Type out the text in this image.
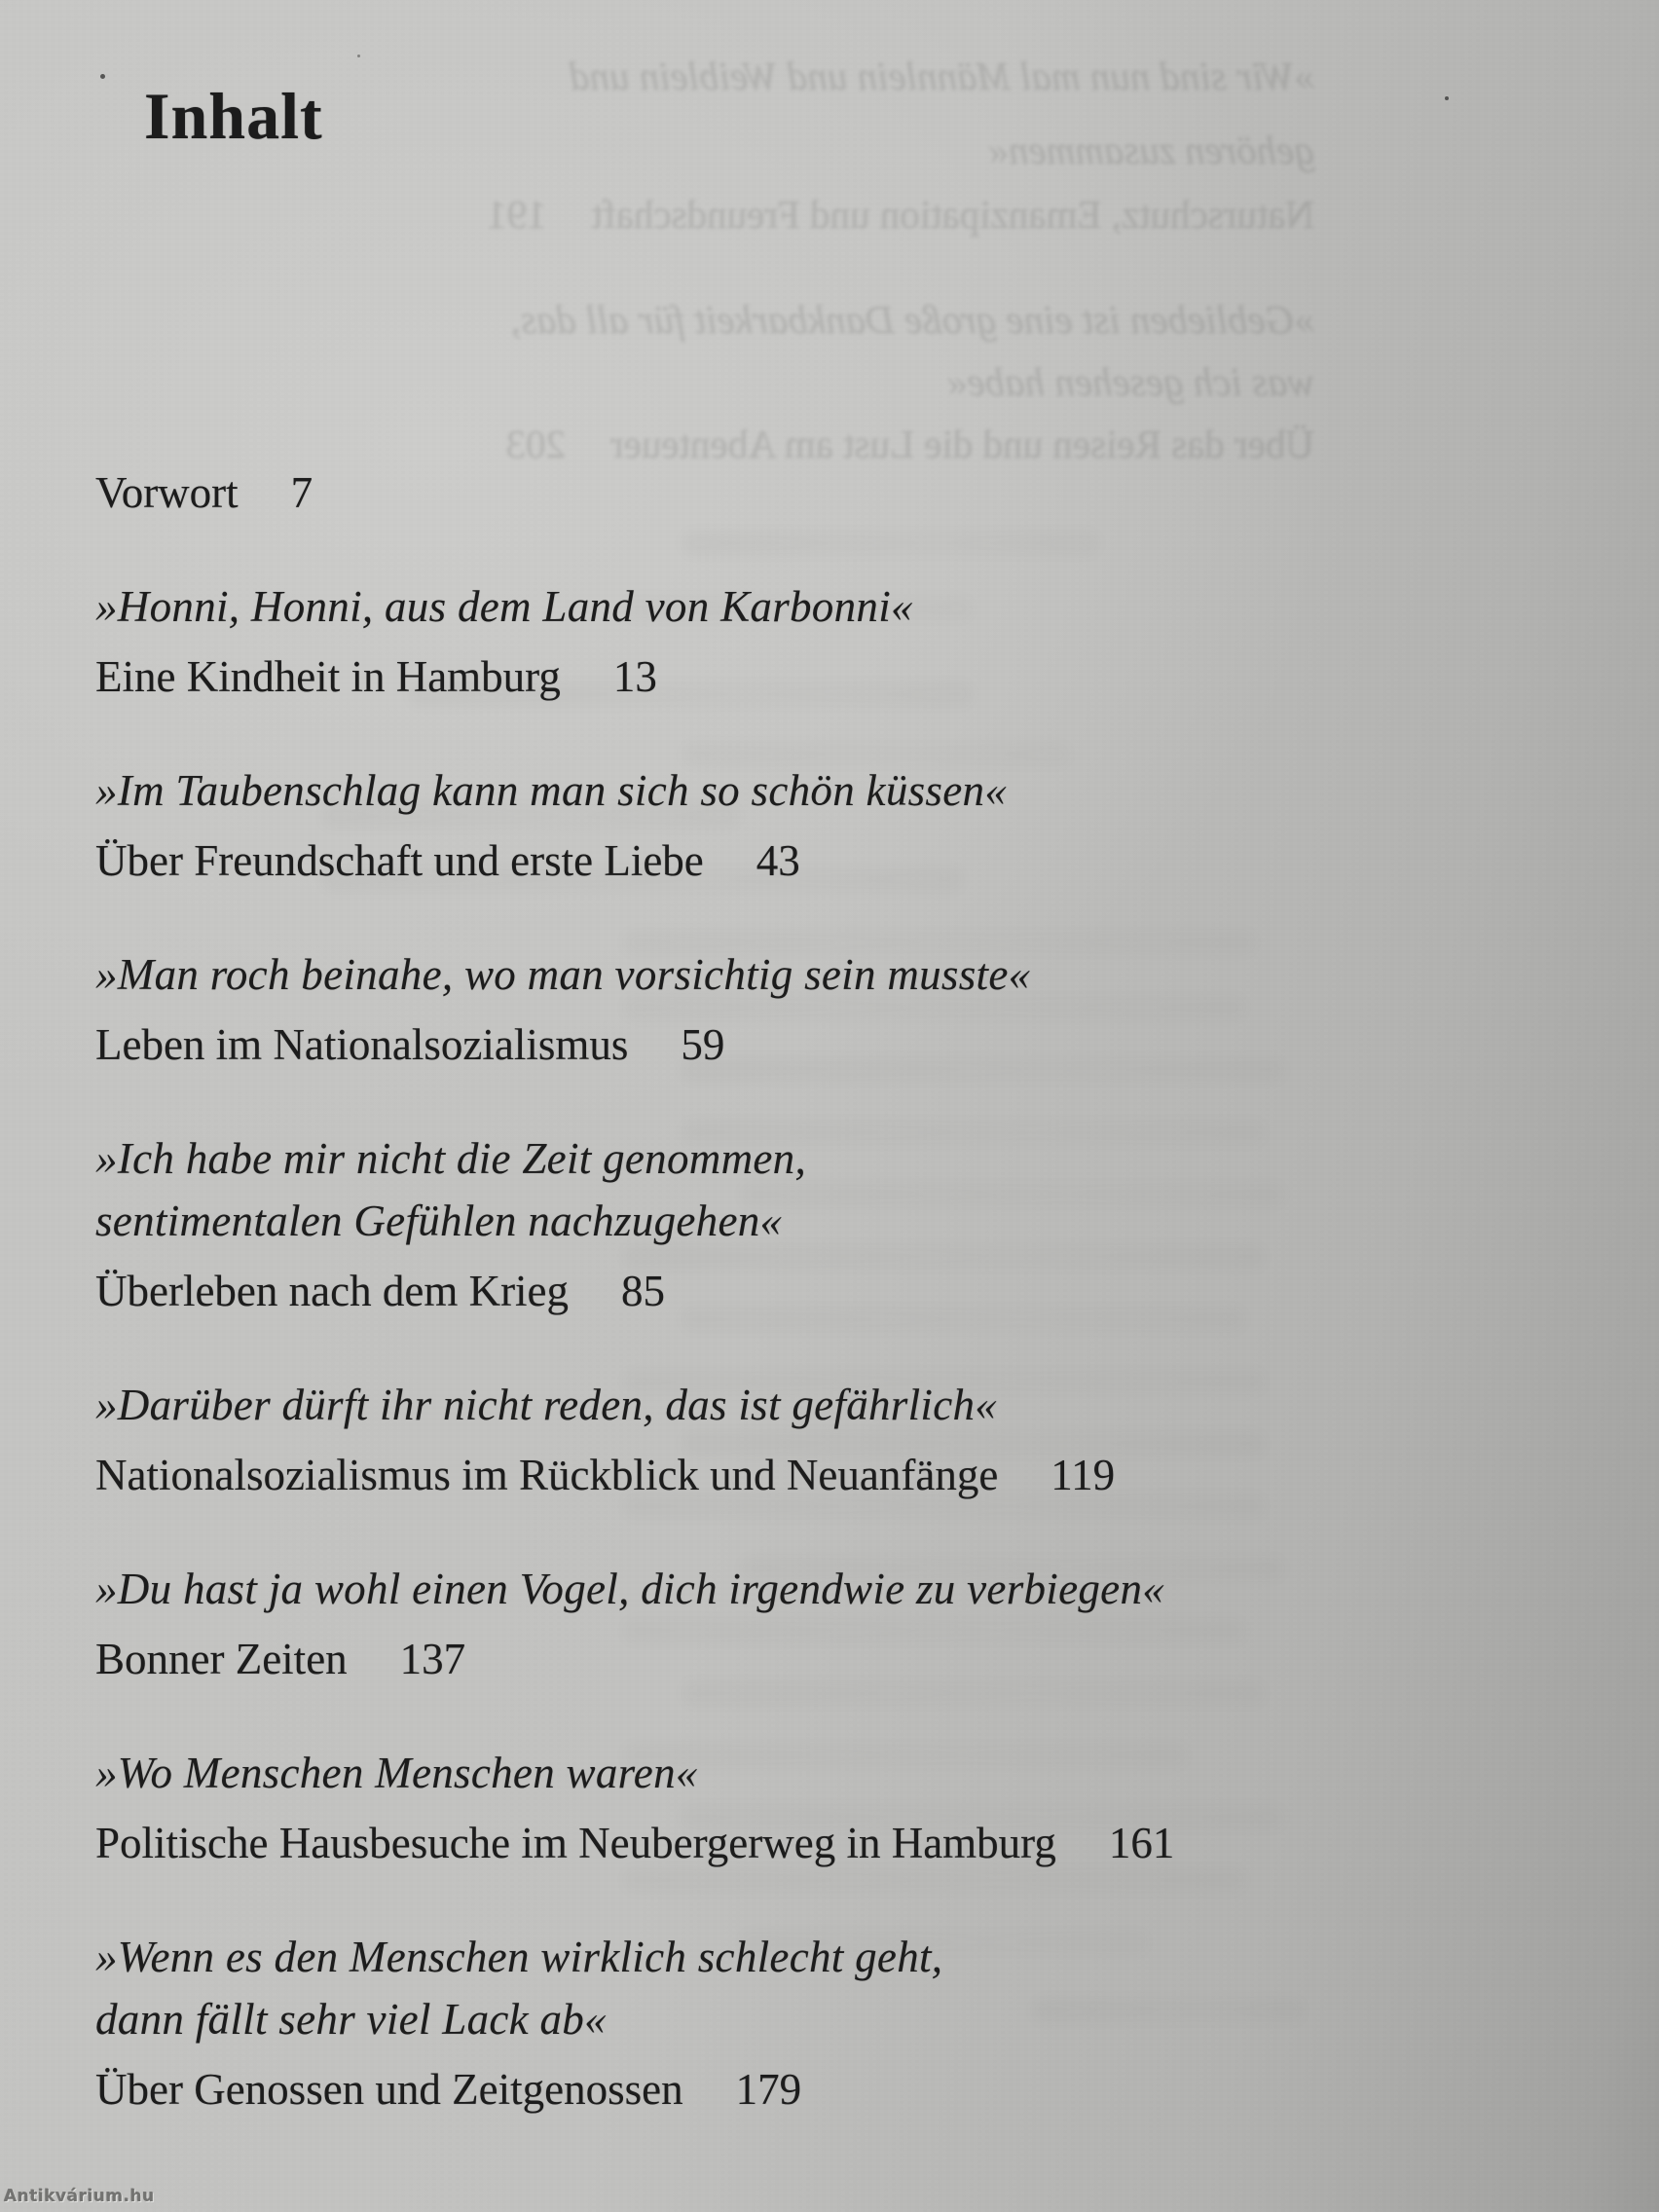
»Wir sind nun mal Männlein und Weiblein und
gehören zusammen«
Naturschutz, Emanzipation und Freundschaft191
»Geblieben ist eine große Dankbarkeit für all das,
was ich gesehen habe«
Über das Reisen und die Lust am Abenteuer203
Inhalt
Vorwort 7
»Honni, Honni, aus dem Land von Karbonni«
Eine Kindheit in Hamburg 13
»Im Taubenschlag kann man sich so schön küssen«
Über Freundschaft und erste Liebe 43
»Man roch beinahe, wo man vorsichtig sein musste«
Leben im Nationalsozialismus 59
»Ich habe mir nicht die Zeit genommen,
sentimentalen Gefühlen nachzugehen«
Überleben nach dem Krieg 85
»Darüber dürft ihr nicht reden, das ist gefährlich«
Nationalsozialismus im Rückblick und Neuanfänge 119
»Du hast ja wohl einen Vogel, dich irgendwie zu verbiegen«
Bonner Zeiten 137
»Wo Menschen Menschen waren«
Politische Hausbesuche im Neubergerweg in Hamburg 161
»Wenn es den Menschen wirklich schlecht geht,
dann fällt sehr viel Lack ab«
Über Genossen und Zeitgenossen 179
Antikvárium.hu
